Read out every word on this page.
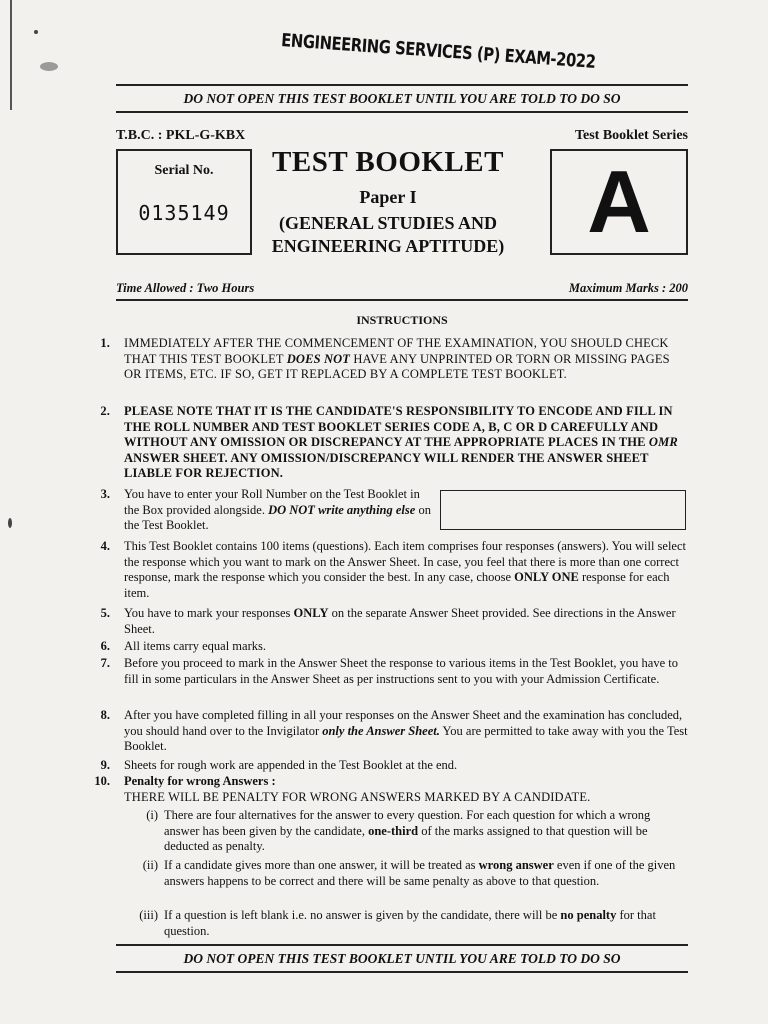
ENGINEERING SERVICES (P) EXAM-2022
DO NOT OPEN THIS TEST BOOKLET UNTIL YOU ARE TOLD TO DO SO
T.B.C. : PKL-G-KBX	Test Booklet Series
Serial No.
0135149
TEST BOOKLET
Paper I
(GENERAL STUDIES AND
ENGINEERING APTITUDE) A
Time Allowed : Two Hours	Maximum Marks : 200
INSTRUCTIONS
1. IMMEDIATELY AFTER THE COMMENCEMENT OF THE EXAMINATION, YOU SHOULD CHECK THAT THIS TEST BOOKLET DOES NOT HAVE ANY UNPRINTED OR TORN OR MISSING PAGES OR ITEMS, ETC. IF SO, GET IT REPLACED BY A COMPLETE TEST BOOKLET.
2. PLEASE NOTE THAT IT IS THE CANDIDATE'S RESPONSIBILITY TO ENCODE AND FILL IN THE ROLL NUMBER AND TEST BOOKLET SERIES CODE A, B, C OR D CAREFULLY AND WITHOUT ANY OMISSION OR DISCREPANCY AT THE APPROPRIATE PLACES IN THE OMR ANSWER SHEET. ANY OMISSION/DISCREPANCY WILL RENDER THE ANSWER SHEET LIABLE FOR REJECTION.
3. You have to enter your Roll Number on the Test Booklet in the Box provided alongside. DO NOT write anything else on the Test Booklet.
4. This Test Booklet contains 100 items (questions). Each item comprises four responses (answers). You will select the response which you want to mark on the Answer Sheet. In case, you feel that there is more than one correct response, mark the response which you consider the best. In any case, choose ONLY ONE response for each item.
5. You have to mark your responses ONLY on the separate Answer Sheet provided. See directions in the Answer Sheet.
6. All items carry equal marks.
7. Before you proceed to mark in the Answer Sheet the response to various items in the Test Booklet, you have to fill in some particulars in the Answer Sheet as per instructions sent to you with your Admission Certificate.
8. After you have completed filling in all your responses on the Answer Sheet and the examination has concluded, you should hand over to the Invigilator only the Answer Sheet. You are permitted to take away with you the Test Booklet.
9. Sheets for rough work are appended in the Test Booklet at the end.
10. Penalty for wrong Answers :
THERE WILL BE PENALTY FOR WRONG ANSWERS MARKED BY A CANDIDATE.
(i) There are four alternatives for the answer to every question. For each question for which a wrong answer has been given by the candidate, one-third of the marks assigned to that question will be deducted as penalty.
(ii) If a candidate gives more than one answer, it will be treated as wrong answer even if one of the given answers happens to be correct and there will be same penalty as above to that question.
(iii) If a question is left blank i.e. no answer is given by the candidate, there will be no penalty for that question.
DO NOT OPEN THIS TEST BOOKLET UNTIL YOU ARE TOLD TO DO SO
